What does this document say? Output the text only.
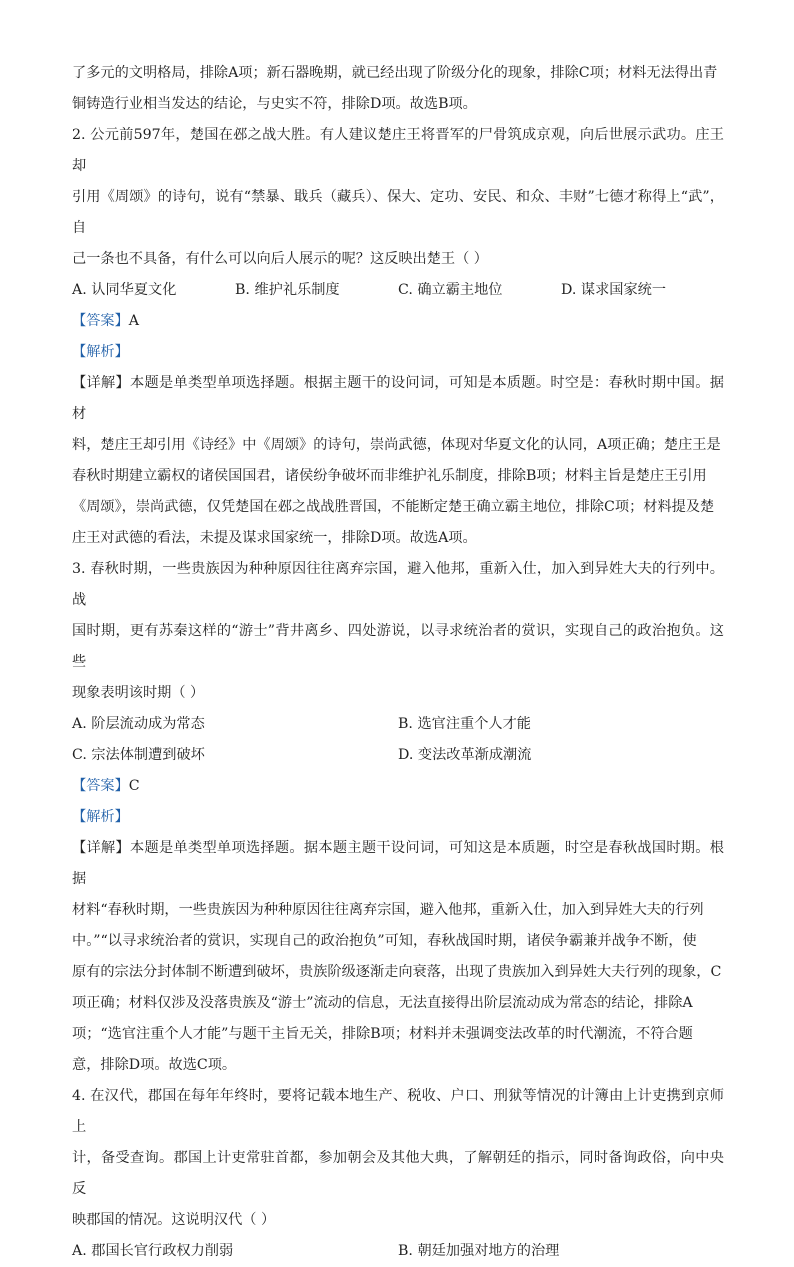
了多元的文明格局，排除A项；新石器晚期，就已经出现了阶级分化的现象，排除C项；材料无法得出青

铜铸造行业相当发达的结论，与史实不符，排除D项。故选B项。

2. 公元前597年，楚国在邲之战大胜。有人建议楚庄王将晋军的尸骨筑成京观，向后世展示武功。庄王却

引用《周颂》的诗句，说有“禁暴、戢兵（藏兵）、保大、定功、安民、和众、丰财”七德才称得上“武”，自

己一条也不具备，有什么可以向后人展示的呢？这反映出楚王（ ）

A. 认同华夏文化	B. 维护礼乐制度	C. 确立霸主地位	D. 谋求国家统一
【答案】A
【解析】

【详解】本题是单类型单项选择题。根据主题干的设问词，可知是本质题。时空是：春秋时期中国。据材

料，楚庄王却引用《诗经》中《周颂》的诗句，崇尚武德，体现对华夏文化的认同，A项正确；楚庄王是

春秋时期建立霸权的诸侯国国君，诸侯纷争破坏而非维护礼乐制度，排除B项；材料主旨是楚庄王引用

《周颂》，崇尚武德，仅凭楚国在邲之战战胜晋国，不能断定楚王确立霸主地位，排除C项；材料提及楚

庄王对武德的看法，未提及谋求国家统一，排除D项。故选A项。

3. 春秋时期，一些贵族因为种种原因往往离弃宗国，避入他邦，重新入仕，加入到异姓大夫的行列中。战

国时期，更有苏秦这样的“游士”背井离乡、四处游说，以寻求统治者的赏识，实现自己的政治抱负。这些

现象表明该时期（ ）

A. 阶层流动成为常态	B. 选官注重个人才能
C. 宗法体制遭到破坏	D. 变法改革渐成潮流
【答案】C
【解析】

【详解】本题是单类型单项选择题。据本题主题干设问词，可知这是本质题，时空是春秋战国时期。根据

材料“春秋时期，一些贵族因为种种原因往往离弃宗国，避入他邦，重新入仕，加入到异姓大夫的行列

中。”“以寻求统治者的赏识，实现自己的政治抱负”可知，春秋战国时期，诸侯争霸兼并战争不断，使

原有的宗法分封体制不断遭到破坏，贵族阶级逐渐走向衰落，出现了贵族加入到异姓大夫行列的现象，C

项正确；材料仅涉及没落贵族及“游士”流动的信息，无法直接得出阶层流动成为常态的结论，排除A

项；“选官注重个人才能”与题干主旨无关，排除B项；材料并未强调变法改革的时代潮流，不符合题

意，排除D项。故选C项。

4. 在汉代，郡国在每年年终时，要将记载本地生产、税收、户口、刑狱等情况的计簿由上计吏携到京师上

计，备受查询。郡国上计吏常驻首都，参加朝会及其他大典，了解朝廷的指示，同时备询政俗，向中央反

映郡国的情况。这说明汉代（ ）

A. 郡国长官行政权力削弱	B. 朝廷加强对地方的治理
